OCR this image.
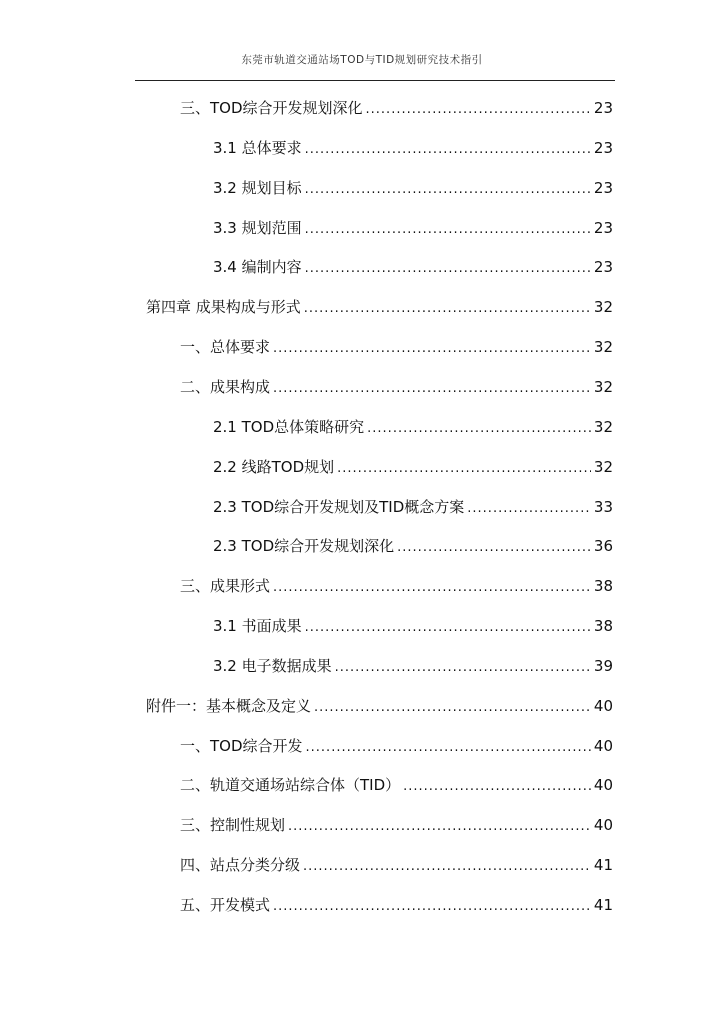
东莞市轨道交通站场TOD与TID规划研究技术指引
三、TOD综合开发规划深化 .....	23
3.1 总体要求 .....	23
3.2 规划目标 .....	23
3.3 规划范围 .....	23
3.4 编制内容 .....	23
第四章 成果构成与形式 .....	32
一、总体要求 .....	32
二、成果构成 .....	32
2.1 TOD总体策略研究 .....	32
2.2 线路TOD规划 .....	32
2.3 TOD综合开发规划及TID概念方案 .....	33
2.3 TOD综合开发规划深化 .....	36
三、成果形式 .....	38
3.1 书面成果 .....	38
3.2 电子数据成果 .....	39
附件一：基本概念及定义 .....	40
一、TOD综合开发 .....	40
二、轨道交通场站综合体（TID） .....	40
三、控制性规划 .....	40
四、站点分类分级 .....	41
五、开发模式 .....	41
